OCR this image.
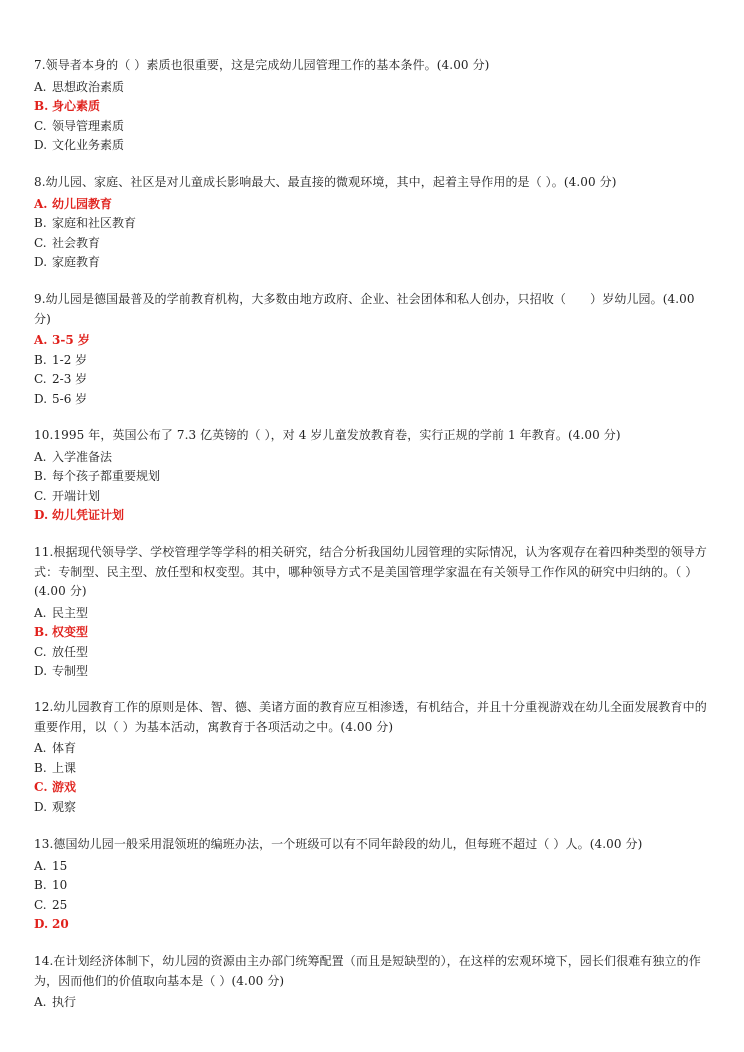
7.领导者本身的（ ）素质也很重要，这是完成幼儿园管理工作的基本条件。(4.00 分)
A. 思想政治素质
B. 身心素质
C. 领导管理素质
D. 文化业务素质
8.幼儿园、家庭、社区是对儿童成长影响最大、最直接的微观环境，其中，起着主导作用的是（ ）。(4.00 分)
A. 幼儿园教育
B. 家庭和社区教育
C. 社会教育
D. 家庭教育
9.幼儿园是德国最普及的学前教育机构，大多数由地方政府、企业、社会团体和私人创办，只招收（　　）岁幼儿园。(4.00 分)
A. 3-5 岁
B. 1-2 岁
C. 2-3 岁
D. 5-6 岁
10.1995 年，英国公布了 7.3 亿英镑的（ ），对 4 岁儿童发放教育卷，实行正规的学前 1 年教育。(4.00 分)
A. 入学准备法
B. 每个孩子都重要规划
C. 开端计划
D. 幼儿凭证计划
11.根据现代领导学、学校管理学等学科的相关研究，结合分析我国幼儿园管理的实际情况，认为客观存在着四种类型的领导方式：专制型、民主型、放任型和权变型。其中，哪种领导方式不是美国管理学家温在有关领导工作作风的研究中归纳的。（ ）(4.00 分)
A. 民主型
B. 权变型
C. 放任型
D. 专制型
12.幼儿园教育工作的原则是体、智、德、美诸方面的教育应互相渗透，有机结合，并且十分重视游戏在幼儿全面发展教育中的重要作用，以（ ）为基本活动，寓教育于各项活动之中。(4.00 分)
A. 体育
B. 上课
C. 游戏
D. 观察
13.德国幼儿园一般采用混领班的编班办法，一个班级可以有不同年龄段的幼儿，但每班不超过（ ）人。(4.00 分)
A. 15
B. 10
C. 25
D. 20
14.在计划经济体制下，幼儿园的资源由主办部门统筹配置（而且是短缺型的），在这样的宏观环境下，园长们很难有独立的作为，因而他们的价值取向基本是（ ）(4.00 分)
A. 执行
